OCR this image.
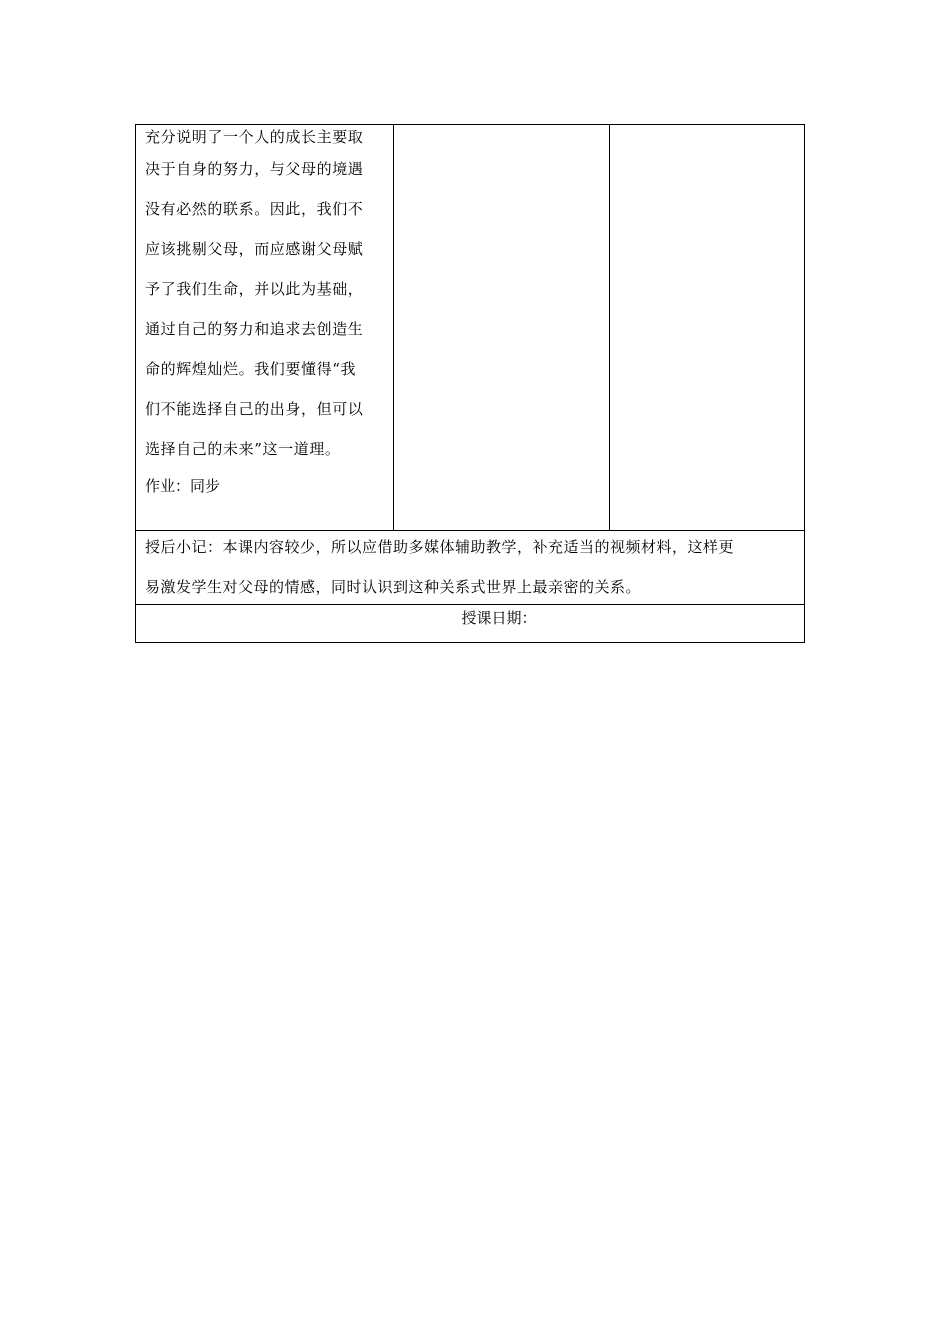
充分说明了一个人的成长主要取
决于自身的努力，与父母的境遇
没有必然的联系。因此，我们不
应该挑剔父母，而应感谢父母赋
予了我们生命，并以此为基础，
通过自己的努力和追求去创造生
命的辉煌灿烂。我们要懂得“我
们不能选择自己的出身，但可以
选择自己的未来”这一道理。
作业：同步
授后小记：本课内容较少，所以应借助多媒体辅助教学，补充适当的视频材料，这样更
易激发学生对父母的情感，同时认识到这种关系式世界上最亲密的关系。
授课日期：
